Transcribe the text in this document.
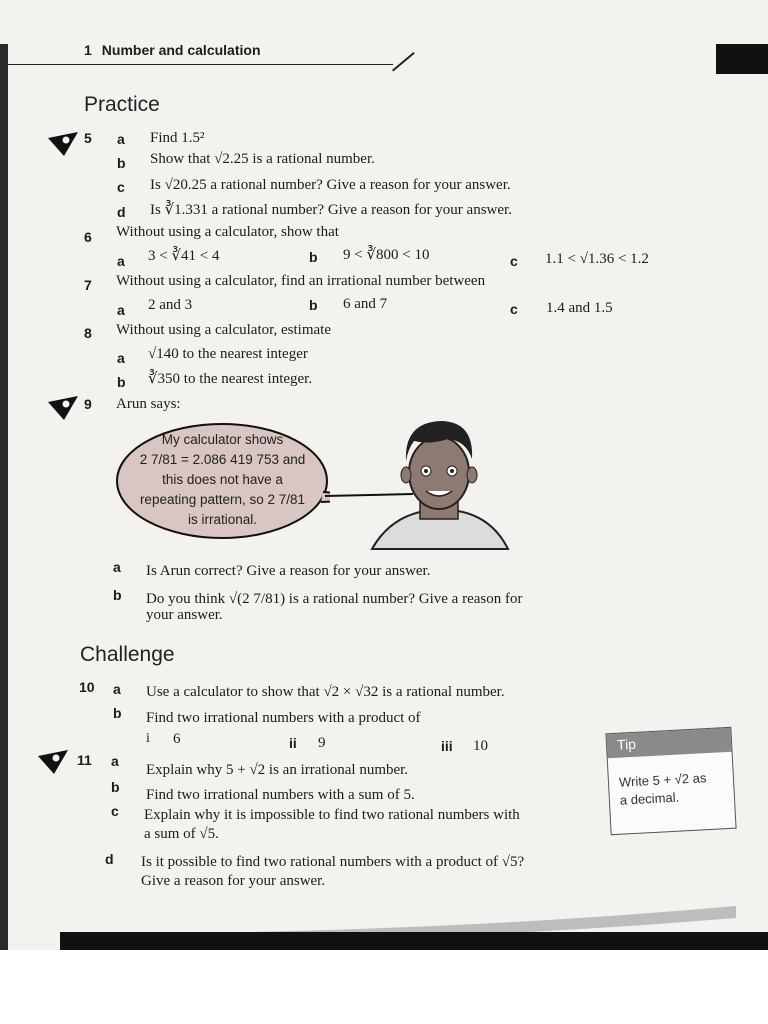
1 Number and calculation
Practice
5 a Find 1.5²
b Show that √2.25 is a rational number.
c Is √20.25 a rational number? Give a reason for your answer.
d Is ∛1.331 a rational number? Give a reason for your answer.
6 Without using a calculator, show that
a 3 < ∛41 < 4	b 9 < ∛800 < 10	c 1.1 < √1.36 < 1.2
7 Without using a calculator, find an irrational number between
a 2 and 3	b 6 and 7	c 1.4 and 1.5
8 Without using a calculator, estimate
a √140 to the nearest integer
b ∛350 to the nearest integer.
9 Arun says:
My calculator shows
2 7/81 = 2.086 419 753 and
this does not have a
repeating pattern, so 2 7/81
is irrational.
a Is Arun correct? Give a reason for your answer.
b Do you think √(2 7/81) is a rational number? Give a reason for
your answer.
Challenge
10 a Use a calculator to show that √2 × √32 is a rational number.
b Find two irrational numbers with a product of
i 6	ii 9	iii 10
11 a
Explain why 5 + √2 is an irrational number.
b Find two irrational numbers with a sum of 5.
c Explain why it is impossible to find two rational numbers with
a sum of √5.
d Is it possible to find two rational numbers with a product of √5?
Give a reason for your answer.
Tip
Write 5 + √2 as
a decimal.
